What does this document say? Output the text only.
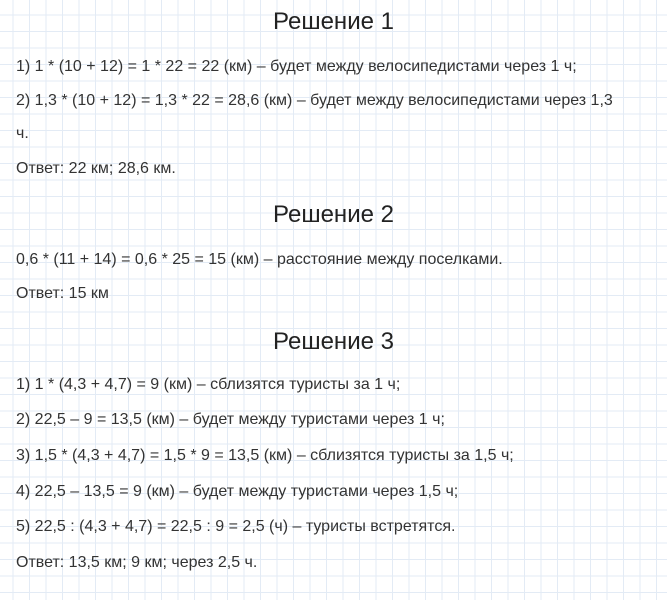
Решение 1
1) 1 * (10 + 12) = 1 * 22 = 22 (км) – будет между велосипедистами через 1 ч;
2) 1,3 * (10 + 12) = 1,3 * 22 = 28,6 (км) – будет между велосипедистами через 1,3
ч.
Ответ: 22 км; 28,6 км.
Решение 2
0,6 * (11 + 14) = 0,6 * 25 = 15 (км) – расстояние между поселками.
Ответ: 15 км
Решение 3
1) 1 * (4,3 + 4,7) = 9 (км) – сблизятся туристы за 1 ч;
2) 22,5 – 9 = 13,5 (км) – будет между туристами через 1 ч;
3) 1,5 * (4,3 + 4,7) = 1,5 * 9 = 13,5 (км) – сблизятся туристы за 1,5 ч;
4) 22,5 – 13,5 = 9 (км) – будет между туристами через 1,5 ч;
5) 22,5 : (4,3 + 4,7) = 22,5 : 9 = 2,5 (ч) – туристы встретятся.
Ответ: 13,5 км; 9 км; через 2,5 ч.
